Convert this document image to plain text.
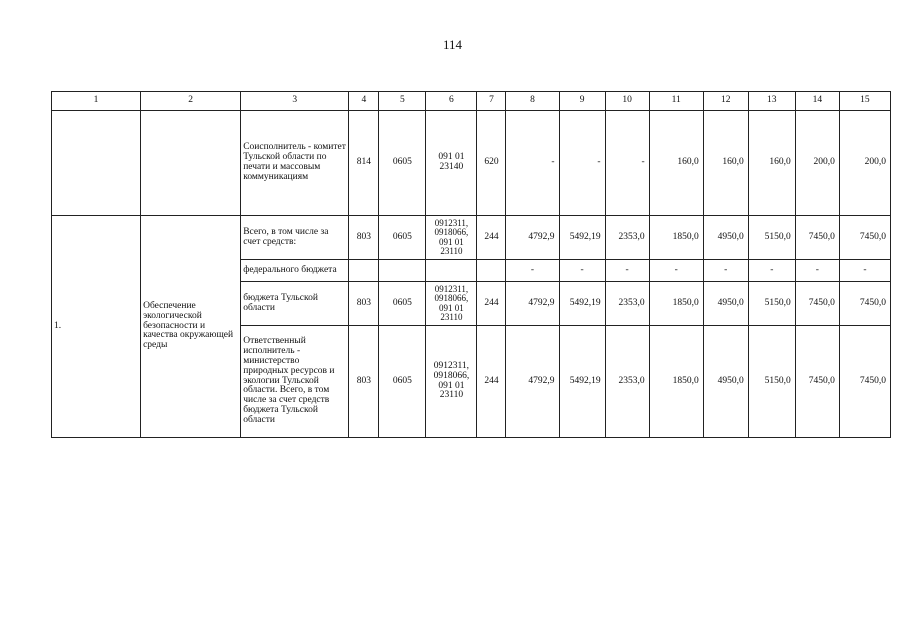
114
1	2	3	4	5	6	7	8	9	10	11	12	13	14	15
		Соисполнитель - комитет Тульской области по печати и массовым коммуникациям	814	0605	091 01 23140	620	-	-	-	160,0	160,0	160,0	200,0	200,0
1.	Обеспечение экологической безопасности и качества окружающей среды	Всего, в том числе за счет средств:	803	0605	0912311, 0918066, 091 01 23110	244	4792,9	5492,19	2353,0	1850,0	4950,0	5150,0	7450,0	7450,0
		федерального бюджета					-	-	-	-	-	-	-	-
		бюджета Тульской области	803	0605	0912311, 0918066, 091 01 23110	244	4792,9	5492,19	2353,0	1850,0	4950,0	5150,0	7450,0	7450,0
		Ответственный исполнитель - министерство природных ресурсов и экологии Тульской области. Всего, в том числе за счет средств бюджета Тульской области	803	0605	0912311, 0918066, 091 01 23110	244	4792,9	5492,19	2353,0	1850,0	4950,0	5150,0	7450,0	7450,0
